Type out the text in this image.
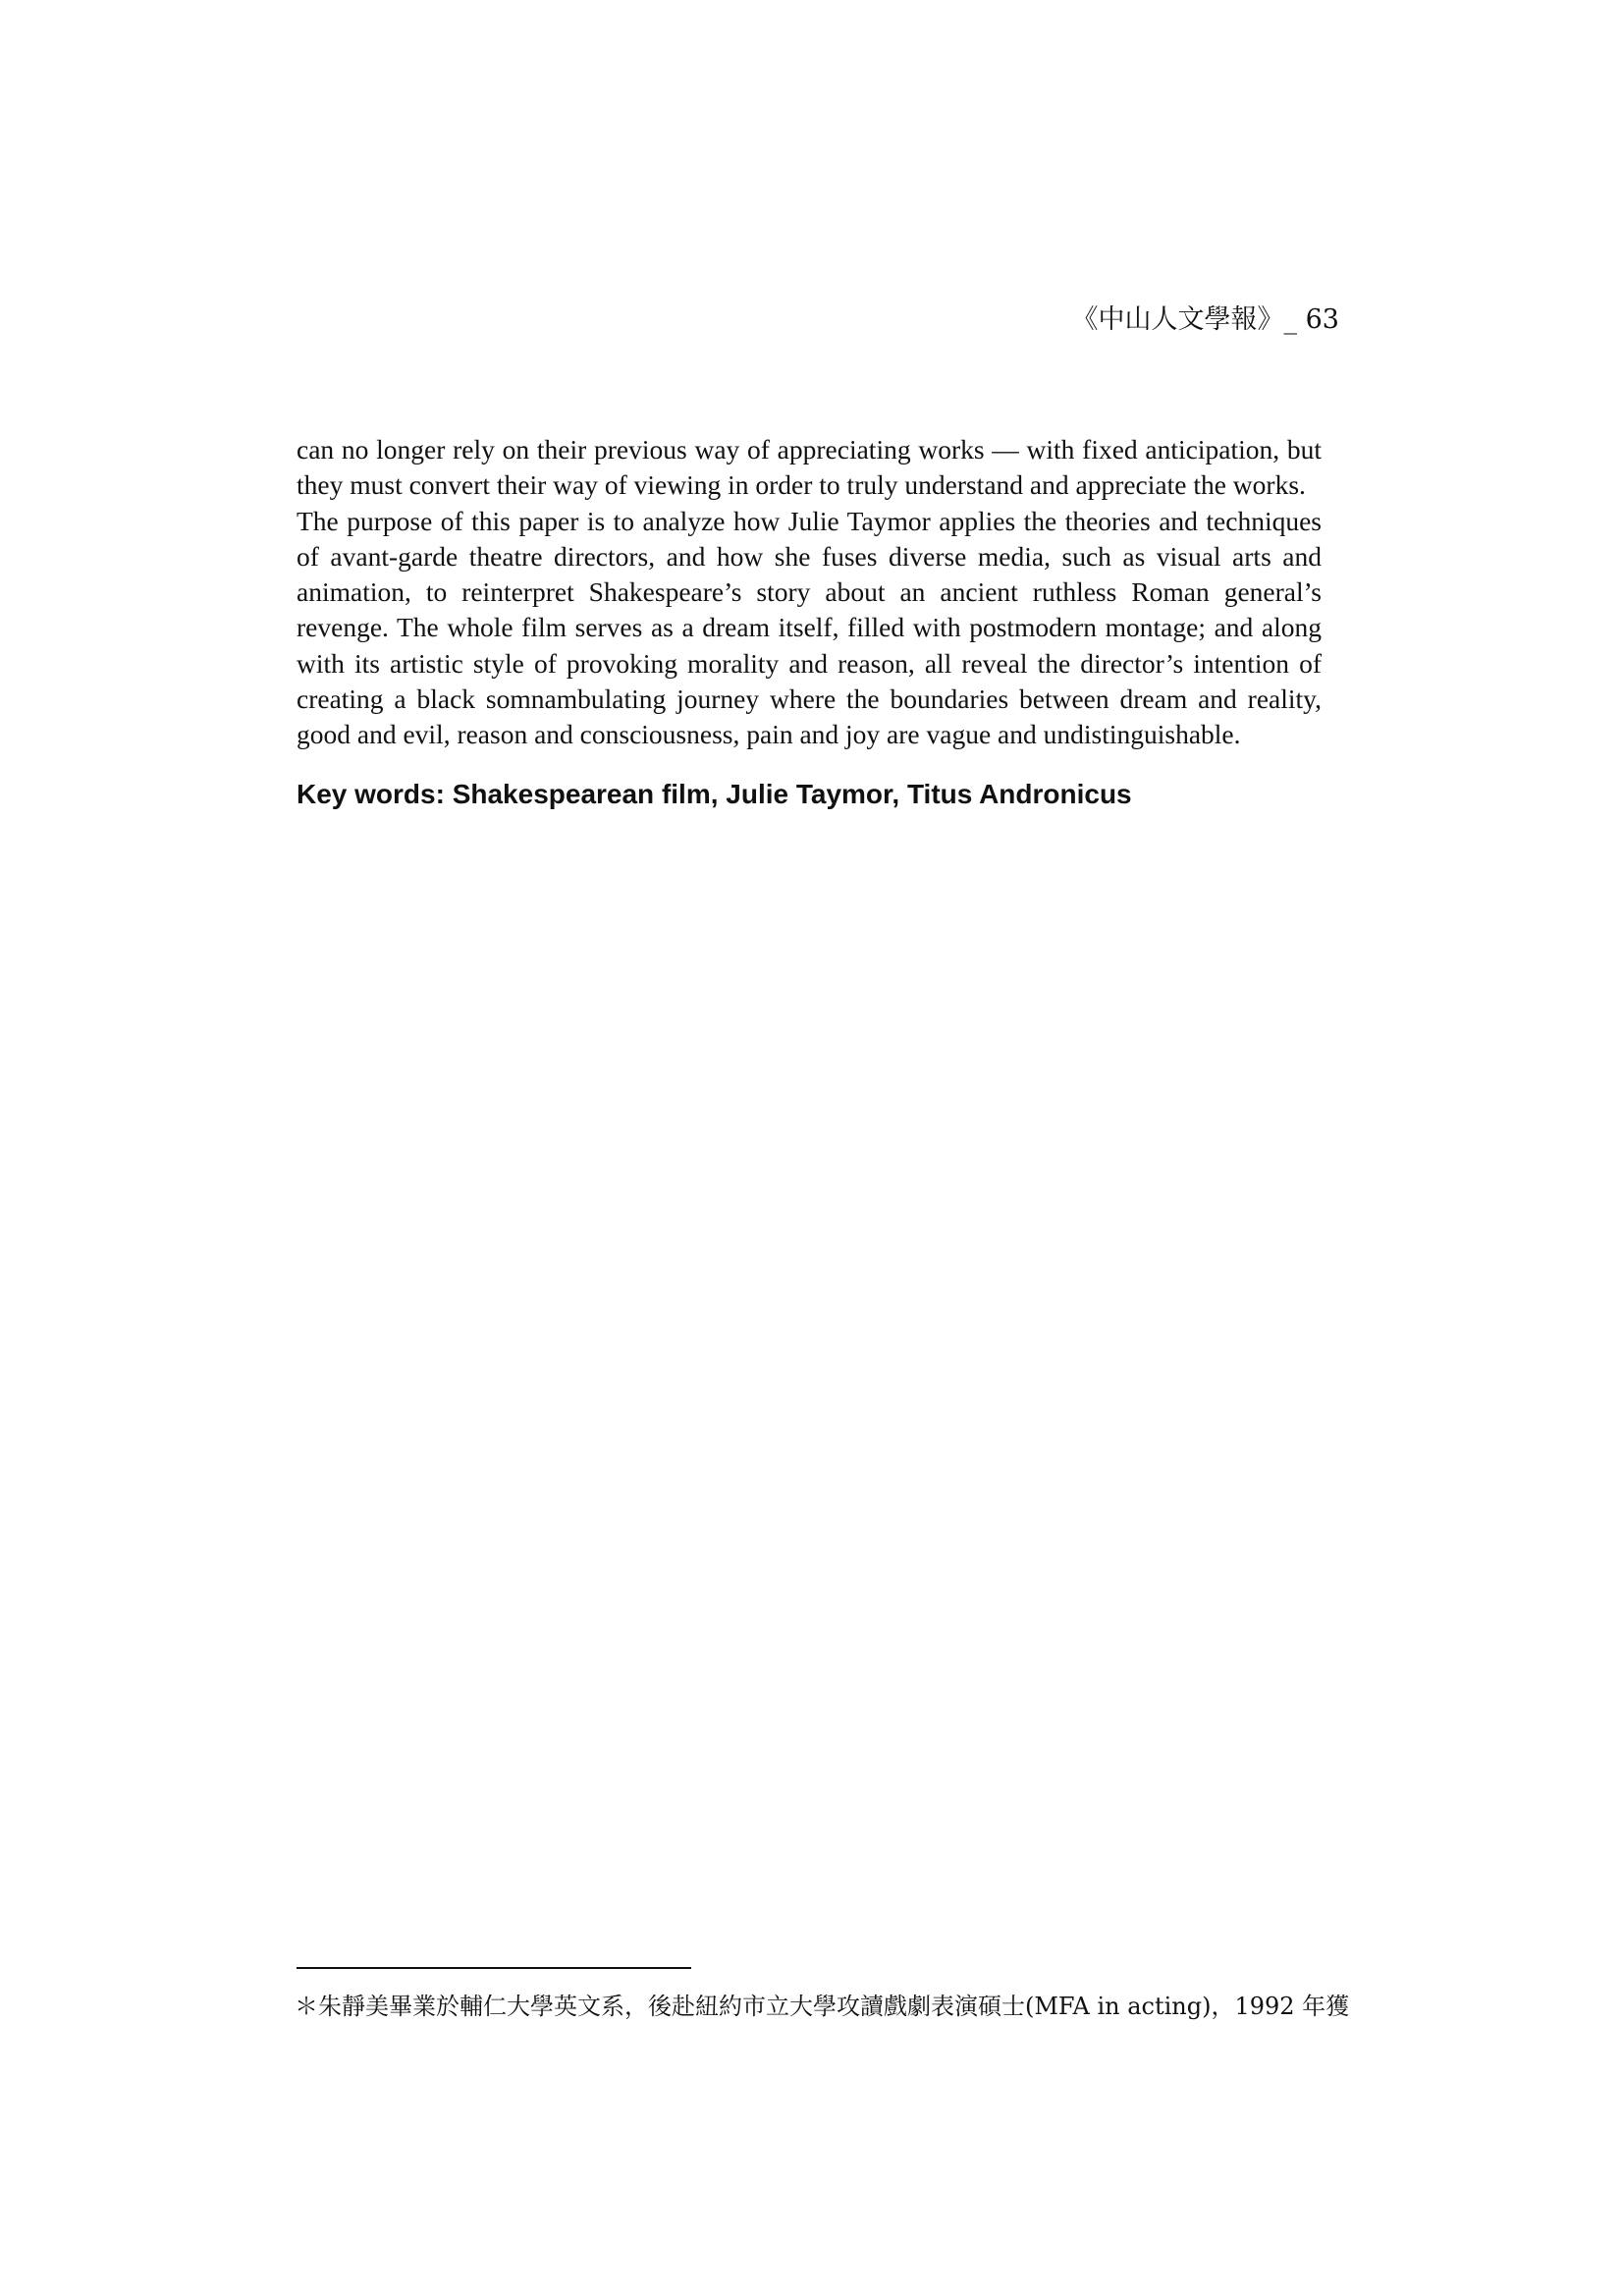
《中山人文學報》_ 63

can no longer rely on their previous way of appreciating works — with fixed anticipation, but they must convert their way of viewing in order to truly understand and appreciate the works.

The purpose of this paper is to analyze how Julie Taymor applies the theories and techniques of avant-garde theatre directors, and how she fuses diverse media, such as visual arts and animation, to reinterpret Shakespeare’s story about an ancient ruthless Roman general’s revenge. The whole film serves as a dream itself, filled with postmodern montage; and along with its artistic style of provoking morality and reason, all reveal the director’s intention of creating a black somnambulating journey where the boundaries between dream and reality, good and evil, reason and consciousness, pain and joy are vague and undistinguishable.

Key words: Shakespearean film, Julie Taymor, Titus Andronicus
＊朱靜美畢業於輔仁大學英文系，後赴紐約市立大學攻讀戲劇表演碩士(MFA in acting)，1992 年獲
